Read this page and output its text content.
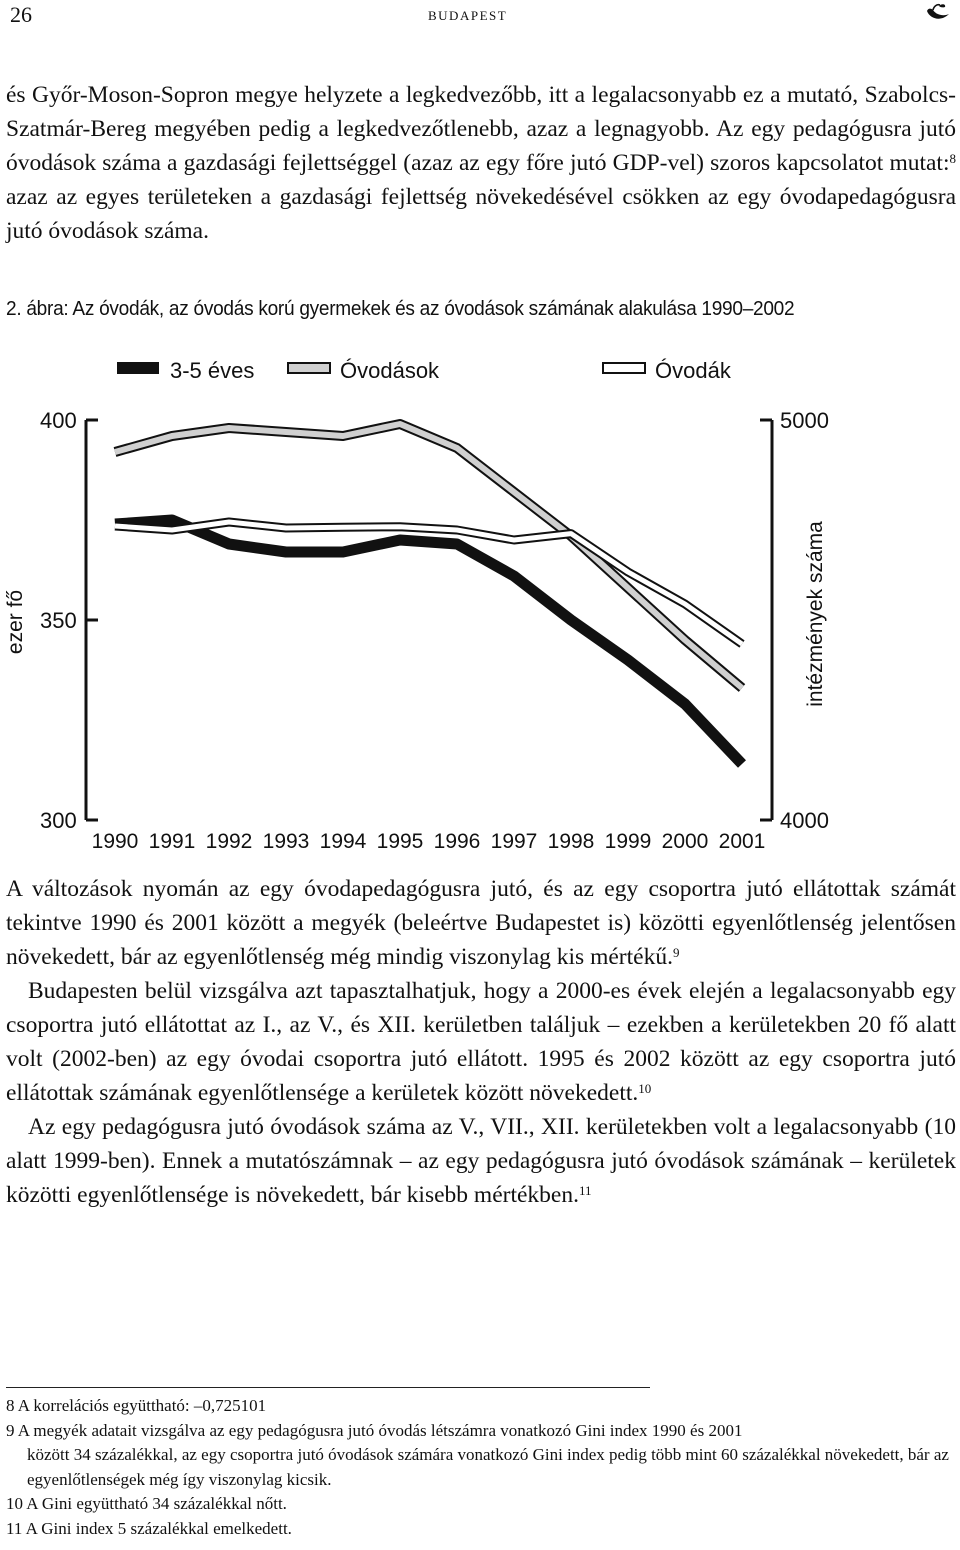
26	budapest

és Győr-Moson-Sopron megye helyzete a legkedvezőbb, itt a legalacsonyabb ez a mutató, Szabolcs-Szatmár-Bereg megyében pedig a legkedvezőtlenebb, azaz a legnagyobb. Az egy pedagógusra jutó óvodások száma a gazdasági fejlettséggel (azaz az egy főre jutó GDP-vel) szoros kapcsolatot mutat:$^8$ azaz az egyes területeken a gazdasági fejlettség növekedésével csökken az egy óvodapedagógusra jutó óvodások száma.

2. ábra: Az óvodák, az óvodás korú gyermekek és az óvodások számának alakulása 1990–2002
3-5 éves	Óvodások	Óvodák
400
350
300
5000
4000
ezer fő	intézmények száma
1990 1991 1992 1993 1994 1995 1996 1997 1998 1999 2000 2001

A változások nyomán az egy óvodapedagógusra jutó, és az egy csoportra jutó ellátottak számát tekintve 1990 és 2001 között a megyék (beleértve Budapestet is) közötti egyenlőtlenség jelentősen növekedett, bár az egyenlőtlenség még mindig viszonylag kis mértékű.$^9$

Budapesten belül vizsgálva azt tapasztalhatjuk, hogy a 2000-es évek elején a legalacsonyabb egy csoportra jutó ellátottat az I., az V., és XII. kerületben találjuk – ezekben a kerületekben 20 fő alatt volt (2002-ben) az egy óvodai csoportra jutó ellátott. 1995 és 2002 között az egy csoportra jutó ellátottak számának egyenlőtlensége a kerületek között növekedett.$^{10}$

Az egy pedagógusra jutó óvodások száma az V., VII., XII. kerületekben volt a legalacsonyabb (10 alatt 1999-ben). Ennek a mutatószámnak – az egy pedagógusra jutó óvodások számának – kerületek közötti egyenlőtlensége is növekedett, bár kisebb mértékben.$^{11}$

8 A korrelációs együttható: –0,725101

9 A megyék adatait vizsgálva az egy pedagógusra jutó óvodás létszámra vonatkozó Gini index 1990 és 2001

között 34 százalékkal, az egy csoportra jutó óvodások számára vonatkozó Gini index pedig több mint 60 százalékkal növekedett, bár az egyenlőtlenségek még így viszonylag kicsik.

10 A Gini együttható 34 százalékkal nőtt.

11 A Gini index 5 százalékkal emelkedett.
